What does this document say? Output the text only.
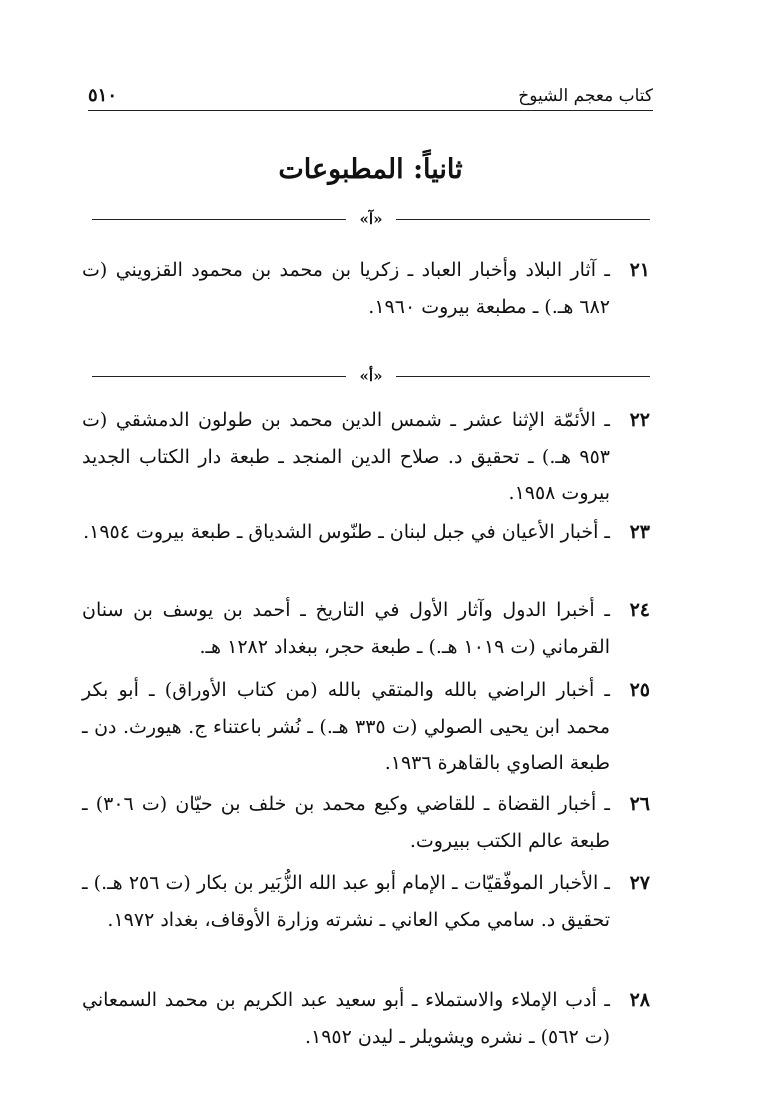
كتاب معجم الشيوخ
٥١٠
ثانياً: المطبوعات
«آ»
٢١
ـ آثار البلاد وأخبار العباد ـ زكريا بن محمد بن محمود القزويني (ت ٦٨٢ هـ.) ـ مطبعة بيروت ١٩٦٠.
«أ»
٢٢
ـ الأئمّة الإثنا عشر ـ شمس الدين محمد بن طولون الدمشقي (ت ٩٥٣ هـ.) ـ تحقيق د. صلاح الدين المنجد ـ طبعة دار الكتاب الجديد بيروت ١٩٥٨.
٢٣
ـ أخبار الأعيان في جبل لبنان ـ طنّوس الشدياق ـ طبعة بيروت ١٩٥٤.
٢٤
ـ أخبرا الدول وآثار الأول في التاريخ ـ أحمد بن يوسف بن سنان القرماني (ت ١٠١٩ هـ.) ـ طبعة حجر، ببغداد ١٢٨٢ هـ.
٢٥
ـ أخبار الراضي بالله والمتقي بالله (من كتاب الأوراق) ـ أبو بكر محمد ابن يحيى الصولي (ت ٣٣٥ هـ.) ـ نُشر باعتناء ج. هيورث. دن ـ طبعة الصاوي بالقاهرة ١٩٣٦.
٢٦
ـ أخبار القضاة ـ للقاضي وكيع محمد بن خلف بن حيّان (ت ٣٠٦) ـ طبعة عالم الكتب ببيروت.
٢٧
ـ الأخبار الموفّقيّات ـ الإمام أبو عبد الله الزُّبَير بن بكار (ت ٢٥٦ هـ.) ـ تحقيق د. سامي مكي العاني ـ نشرته وزارة الأوقاف، بغداد ١٩٧٢.
٢٨
ـ أدب الإملاء والاستملاء ـ أبو سعيد عبد الكريم بن محمد السمعاني (ت ٥٦٢) ـ نشره ويشويلر ـ ليدن ١٩٥٢.
